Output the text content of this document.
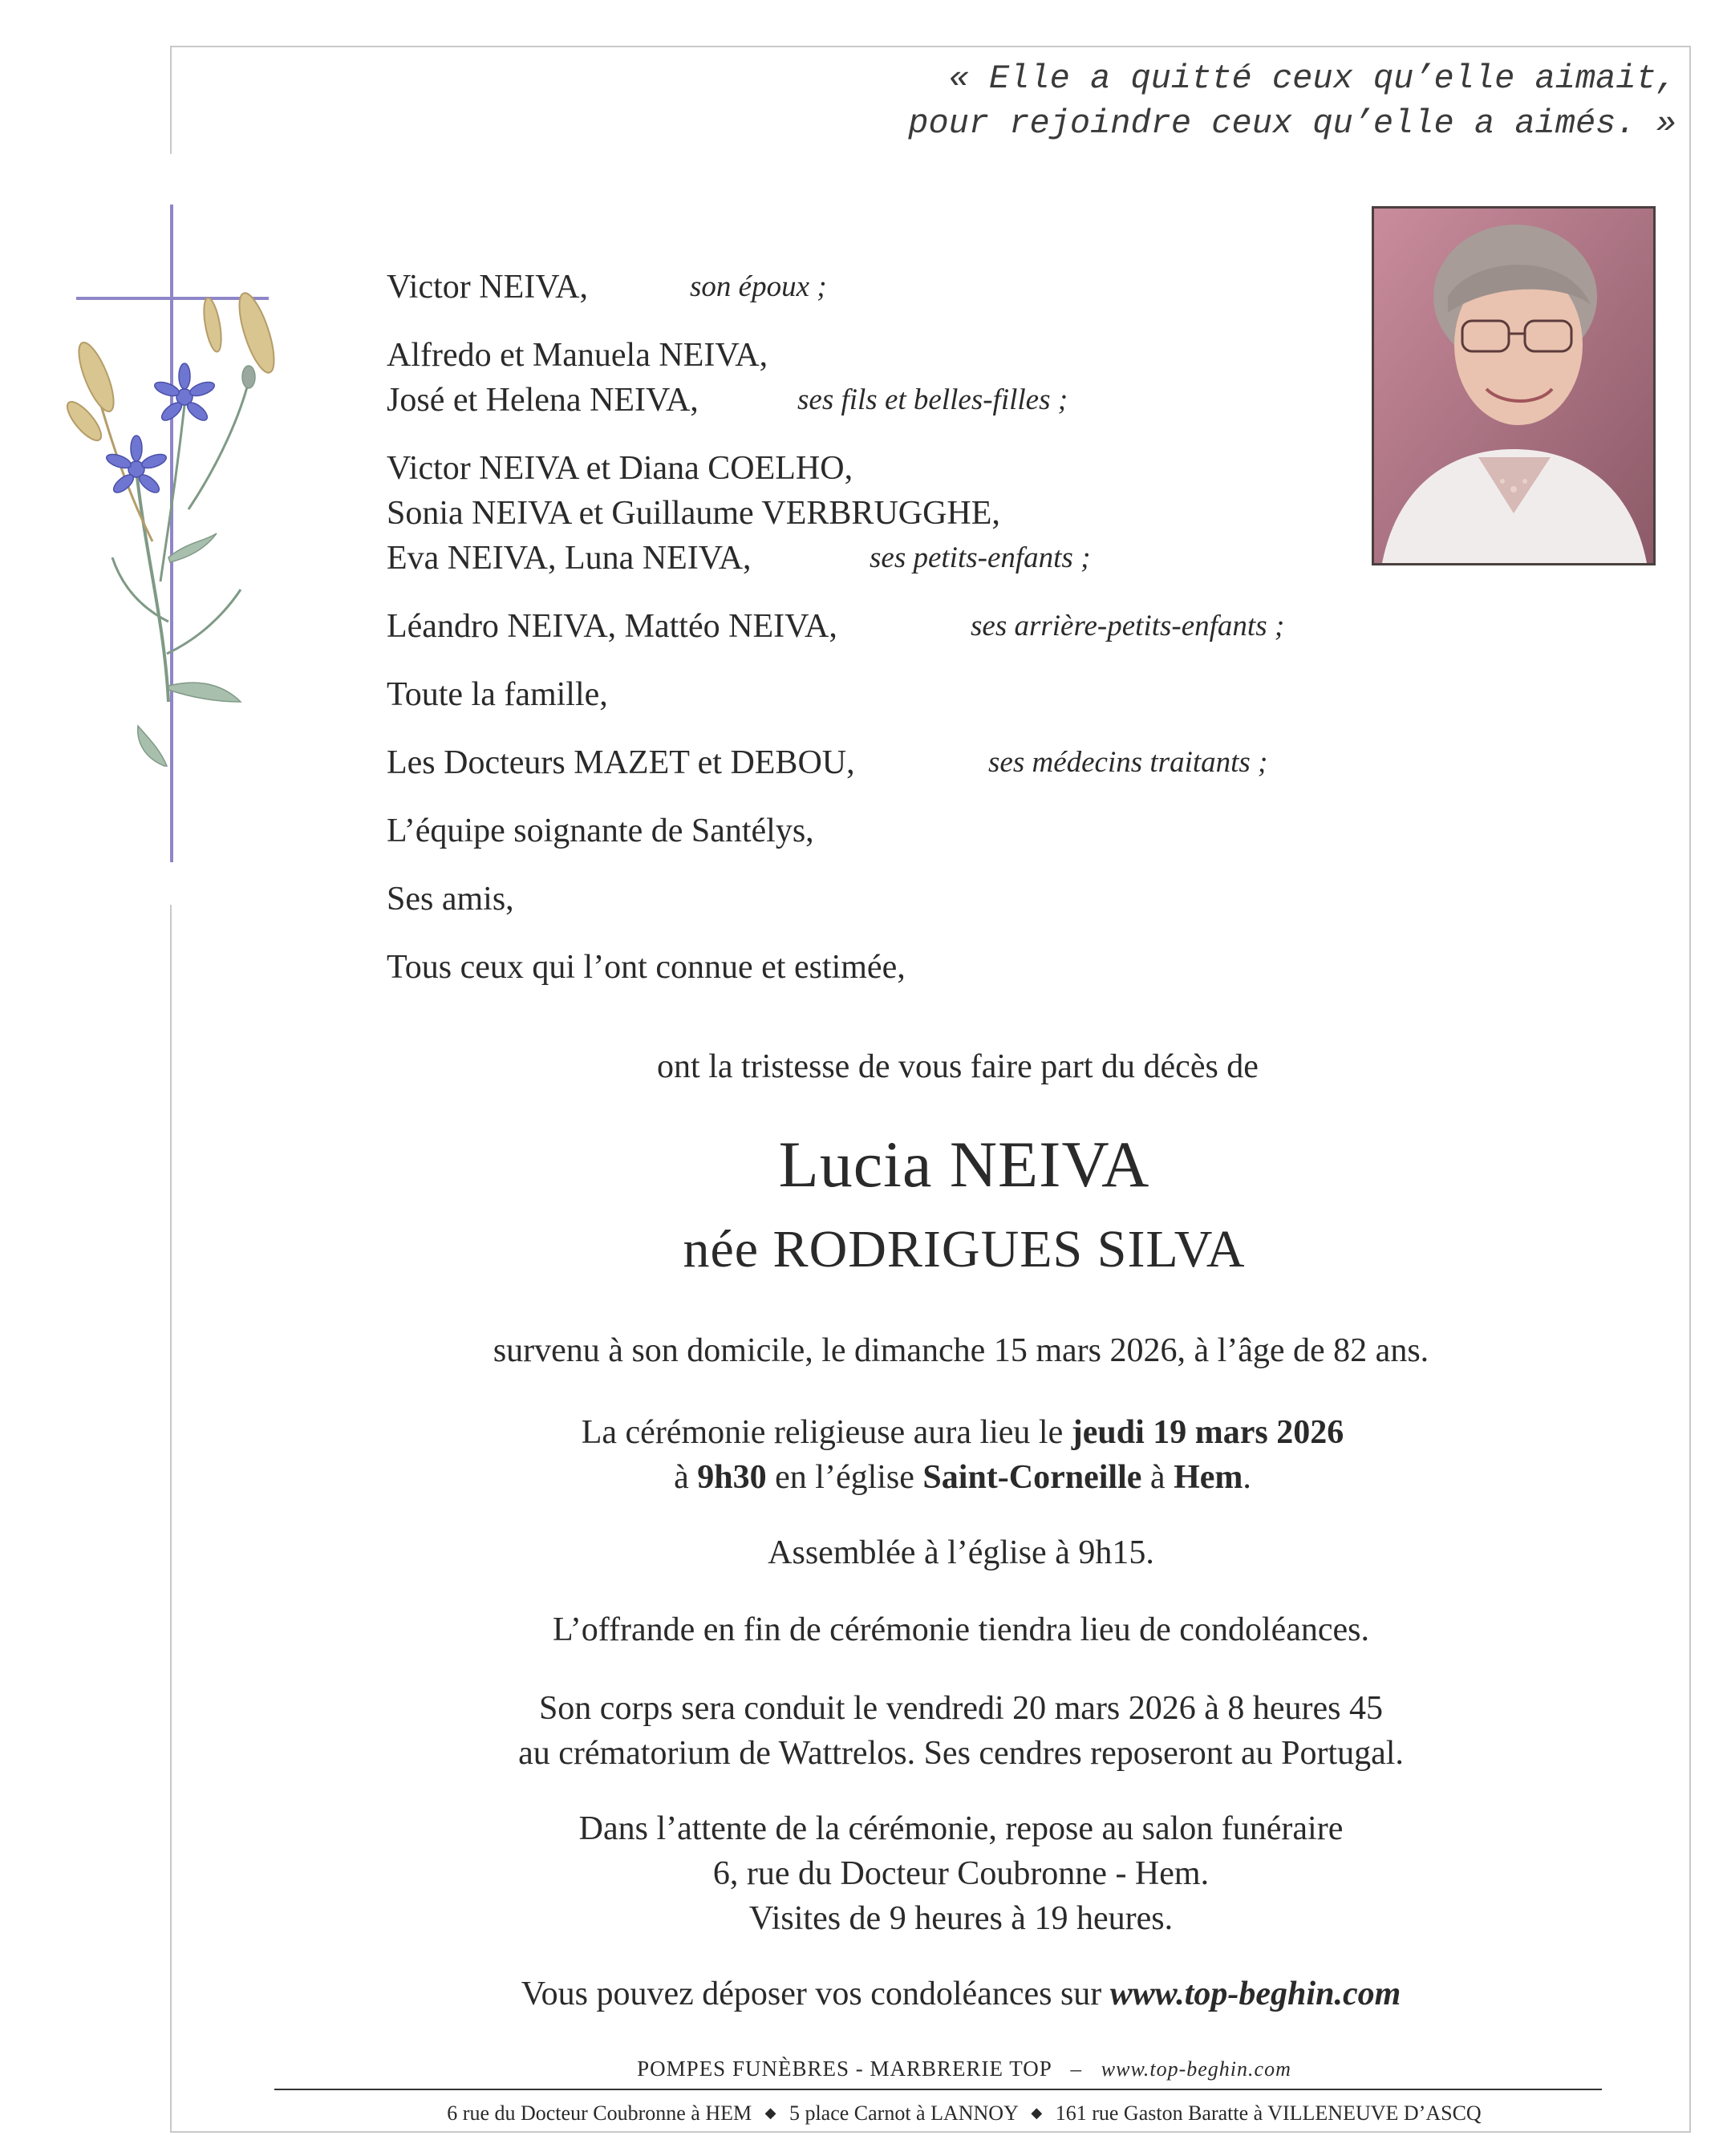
« Elle a quitté ceux qu’elle aimait,
pour rejoindre ceux qu’elle a aimés. »
Victor NEIVA,	son époux ;
Alfredo et Manuela NEIVA,
José et Helena NEIVA,	ses fils et belles-filles ;
Victor NEIVA et Diana COELHO,
Sonia NEIVA et Guillaume VERBRUGGHE,
Eva NEIVA, Luna NEIVA,	ses petits-enfants ;
Léandro NEIVA, Mattéo NEIVA,	ses arrière-petits-enfants ;
Toute la famille,
Les Docteurs MAZET et DEBOU,	ses médecins traitants ;
L’équipe soignante de Santélys,
Ses amis,
Tous ceux qui l’ont connue et estimée,
ont la tristesse de vous faire part du décès de
Lucia NEIVA
née RODRIGUES SILVA
survenu à son domicile, le dimanche 15 mars 2026, à l’âge de 82 ans.
La cérémonie religieuse aura lieu le jeudi 19 mars 2026
à 9h30 en l’église Saint-Corneille à Hem.
Assemblée à l’église à 9h15.
L’offrande en fin de cérémonie tiendra lieu de condoléances.
Son corps sera conduit le vendredi 20 mars 2026 à 8 heures 45
au crématorium de Wattrelos. Ses cendres reposeront au Portugal.
Dans l’attente de la cérémonie, repose au salon funéraire
6, rue du Docteur Coubronne - Hem.
Visites de 9 heures à 19 heures.
Vous pouvez déposer vos condoléances sur www.top-beghin.com
POMPES FUNÈBRES - MARBRERIE TOP – www.top-beghin.com
6 rue du Docteur Coubronne à HEM ◆ 5 place Carnot à LANNOY ◆ 161 rue Gaston Baratte à VILLENEUVE D’ASCQ
